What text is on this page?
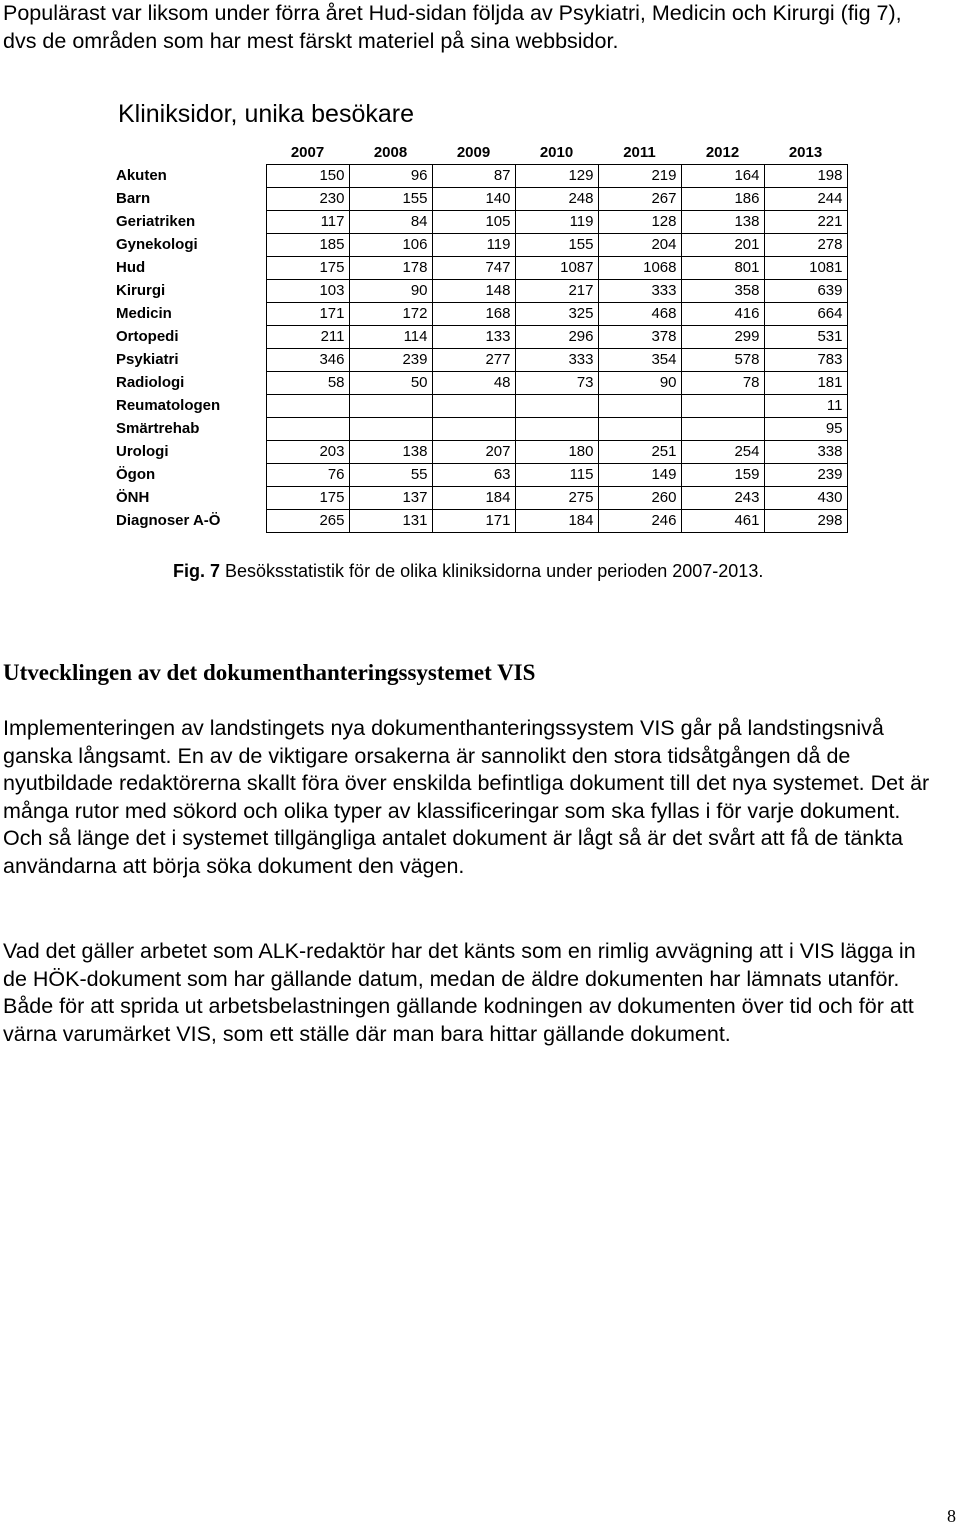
Populärast var liksom under förra året Hud-sidan följda av Psykiatri, Medicin och Kirurgi (fig 7), dvs de områden som har mest färskt materiel på sina webbsidor.

Kliniksidor, unika besökare
	2007	2008	2009	2010	2011	2012	2013
Akuten	150	96	87	129	219	164	198
Barn	230	155	140	248	267	186	244
Geriatriken	117	84	105	119	128	138	221
Gynekologi	185	106	119	155	204	201	278
Hud	175	178	747	1087	1068	801	1081
Kirurgi	103	90	148	217	333	358	639
Medicin	171	172	168	325	468	416	664
Ortopedi	211	114	133	296	378	299	531
Psykiatri	346	239	277	333	354	578	783
Radiologi	58	50	48	73	90	78	181
Reumatologen							11
Smärtrehab							95
Urologi	203	138	207	180	251	254	338
Ögon	76	55	63	115	149	159	239
ÖNH	175	137	184	275	260	243	430
Diagnoser A-Ö	265	131	171	184	246	461	298

Fig. 7 Besöksstatistik för de olika kliniksidorna under perioden 2007-2013.

Utvecklingen av det dokumenthanteringssystemet VIS

Implementeringen av landstingets nya dokumenthanteringssystem VIS går på landstingsnivå ganska långsamt. En av de viktigare orsakerna är sannolikt den stora tidsåtgången då de nyutbildade redaktörerna skallt föra över enskilda befintliga dokument till det nya systemet. Det är många rutor med sökord och olika typer av klassificeringar som ska fyllas i för varje dokument. Och så länge det i systemet tillgängliga antalet dokument är lågt så är det svårt att få de tänkta användarna att börja söka dokument den vägen.

Vad det gäller arbetet som ALK-redaktör har det känts som en rimlig avvägning att i VIS lägga in de HÖK-dokument som har gällande datum, medan de äldre dokumenten har lämnats utanför. Både för att sprida ut arbetsbelastningen gällande kodningen av dokumenten över tid och för att värna varumärket VIS, som ett ställe där man bara hittar gällande dokument.

8
